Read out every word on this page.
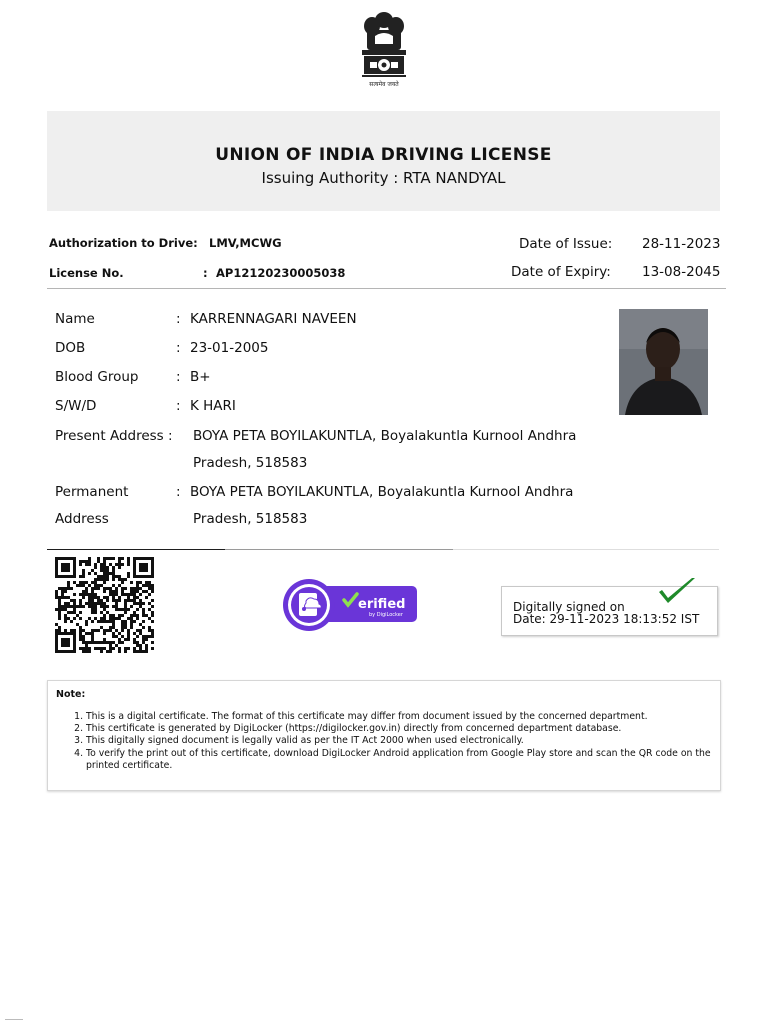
सत्यमेव जयते
UNION OF INDIA DRIVING LICENSE
Issuing Authority : RTA NANDYAL
Authorization to Drive: LMV,MCWG	Date of Issue: 28-11-2023
License No.	: AP12120230005038	Date of Expiry: 13-08-2045
Name	: KARRENNAGARI NAVEEN
DOB	: 23-01-2005
Blood Group	: B+
S/W/D	: K HARI
Present Address : BOYA PETA BOYILAKUNTLA, Boyalakuntla Kurnool Andhra
Pradesh, 518583
Permanent	: BOYA PETA BOYILAKUNTLA, Boyalakuntla Kurnool Andhra
Address	Pradesh, 518583
erified
by DigiLocker
Digitally signed on
Date: 29-11-2023 18:13:52 IST
Note:
1. This is a digital certificate. The format of this certificate may differ from document issued by the concerned department.
2. This certificate is generated by DigiLocker (https://digilocker.gov.in) directly from concerned department database.
3. This digitally signed document is legally valid as per the IT Act 2000 when used electronically.
4. To verify the print out of this certificate, download DigiLocker Android application from Google Play store and scan the QR code on the printed certificate.
